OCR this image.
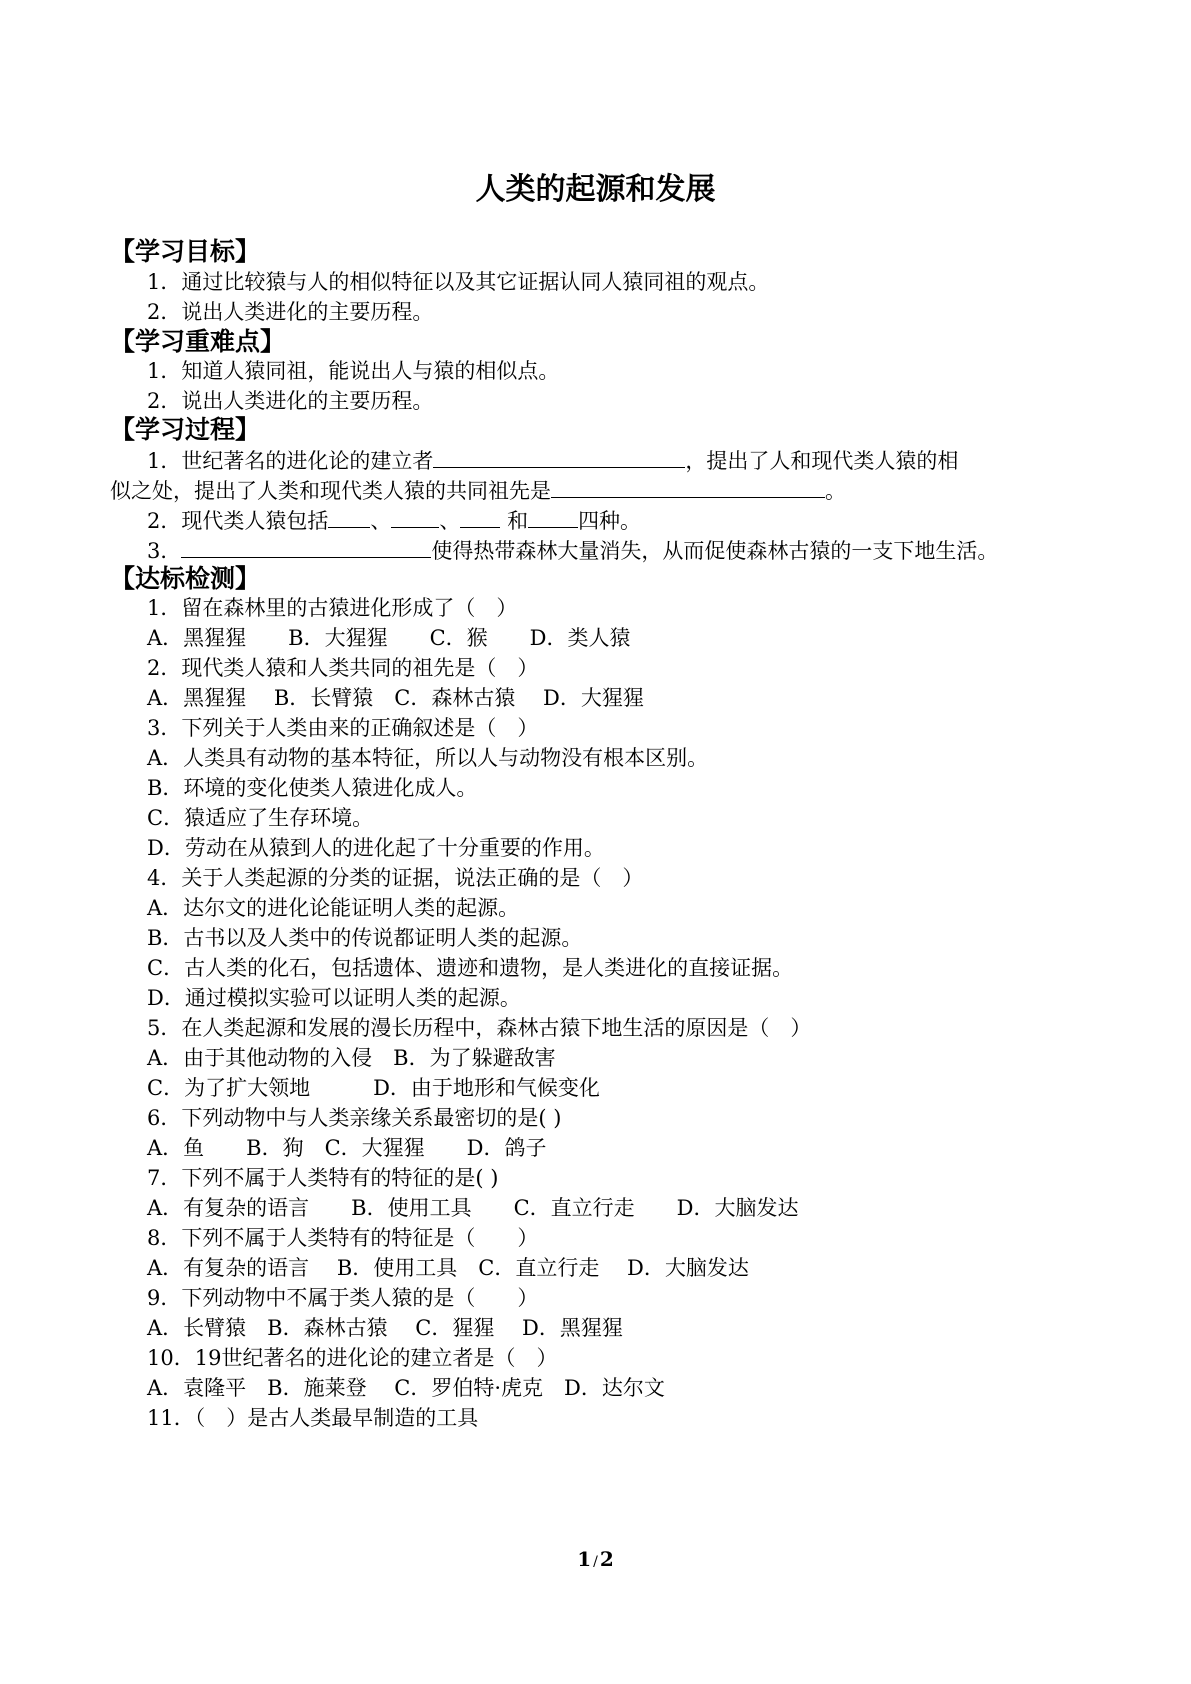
人类的起源和发展
【学习目标】
1．通过比较猿与人的相似特征以及其它证据认同人猿同祖的观点。
2．说出人类进化的主要历程。
【学习重难点】
1．知道人猿同祖，能说出人与猿的相似点。
2．说出人类进化的主要历程。
【学习过程】
1．世纪著名的进化论的建立者	，提出了人和现代类人猿的相
似之处，提出了人类和现代类人猿的共同祖先是	。
2．现代类人猿包括 、 、 和 四种。
3．	使得热带森林大量消失，从而促使森林古猿的一支下地生活。
【达标检测】
1．留在森林里的古猿进化形成了（　）
A．黑猩猩　　B．大猩猩　　C．猴　　D．类人猿
2．现代类人猿和人类共同的祖先是（　）
A．黑猩猩　 B．长臂猿　C．森林古猿　 D．大猩猩
3．下列关于人类由来的正确叙述是（　）
A．人类具有动物的基本特征，所以人与动物没有根本区别。
B．环境的变化使类人猿进化成人。
C．猿适应了生存环境。
D．劳动在从猿到人的进化起了十分重要的作用。
4．关于人类起源的分类的证据，说法正确的是（　）
A．达尔文的进化论能证明人类的起源。
B．古书以及人类中的传说都证明人类的起源。
C．古人类的化石，包括遗体、遗迹和遗物，是人类进化的直接证据。
D．通过模拟实验可以证明人类的起源。
5．在人类起源和发展的漫长历程中，森林古猿下地生活的原因是（　）
A．由于其他动物的入侵　B．为了躲避敌害
C．为了扩大领地　　　D．由于地形和气候变化
6．下列动物中与人类亲缘关系最密切的是( )
A．鱼　　B．狗　C．大猩猩　　D．鸽子
7．下列不属于人类特有的特征的是( )
A．有复杂的语言　　B．使用工具　　C．直立行走　　D．大脑发达
8．下列不属于人类特有的特征是（　　）
A．有复杂的语言　 B．使用工具　C．直立行走　 D．大脑发达
9．下列动物中不属于类人猿的是（　　）
A．长臂猿　B．森林古猿　 C．猩猩　 D．黑猩猩
10．19世纪著名的进化论的建立者是（　）
A．袁隆平　B．施莱登　 C．罗伯特·虎克　D．达尔文
11．（　）是古人类最早制造的工具
1 / 2
